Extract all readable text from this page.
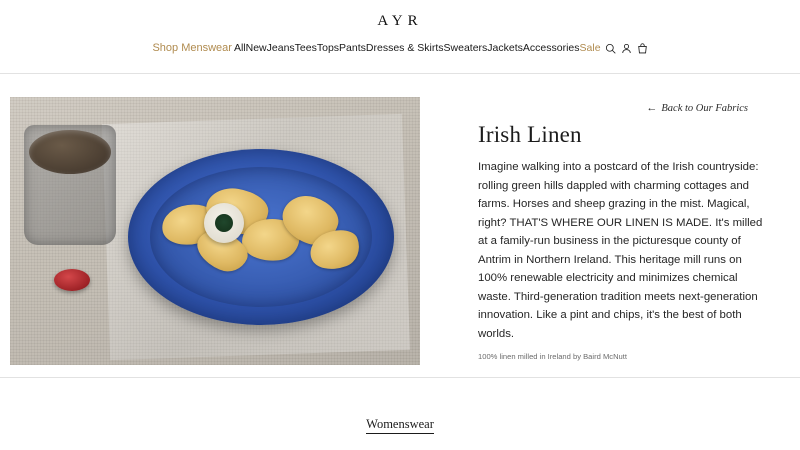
AYR
Shop Menswear All New Jeans Tees Tops Pants Dresses & Skirts Sweaters Jackets Accessories Sale
← Back to Our Fabrics
Irish Linen

Imagine walking into a postcard of the Irish countryside: rolling green hills dappled with charming cottages and farms. Horses and sheep grazing in the mist. Magical, right? THAT'S WHERE OUR LINEN IS MADE. It's milled at a family-run business in the picturesque county of Antrim in Northern Ireland. This heritage mill runs on 100% renewable electricity and minimizes chemical waste. Third-generation tradition meets next-generation innovation. Like a pint and chips, it's the best of both worlds.

100% linen milled in Ireland by Baird McNutt

Womenswear
